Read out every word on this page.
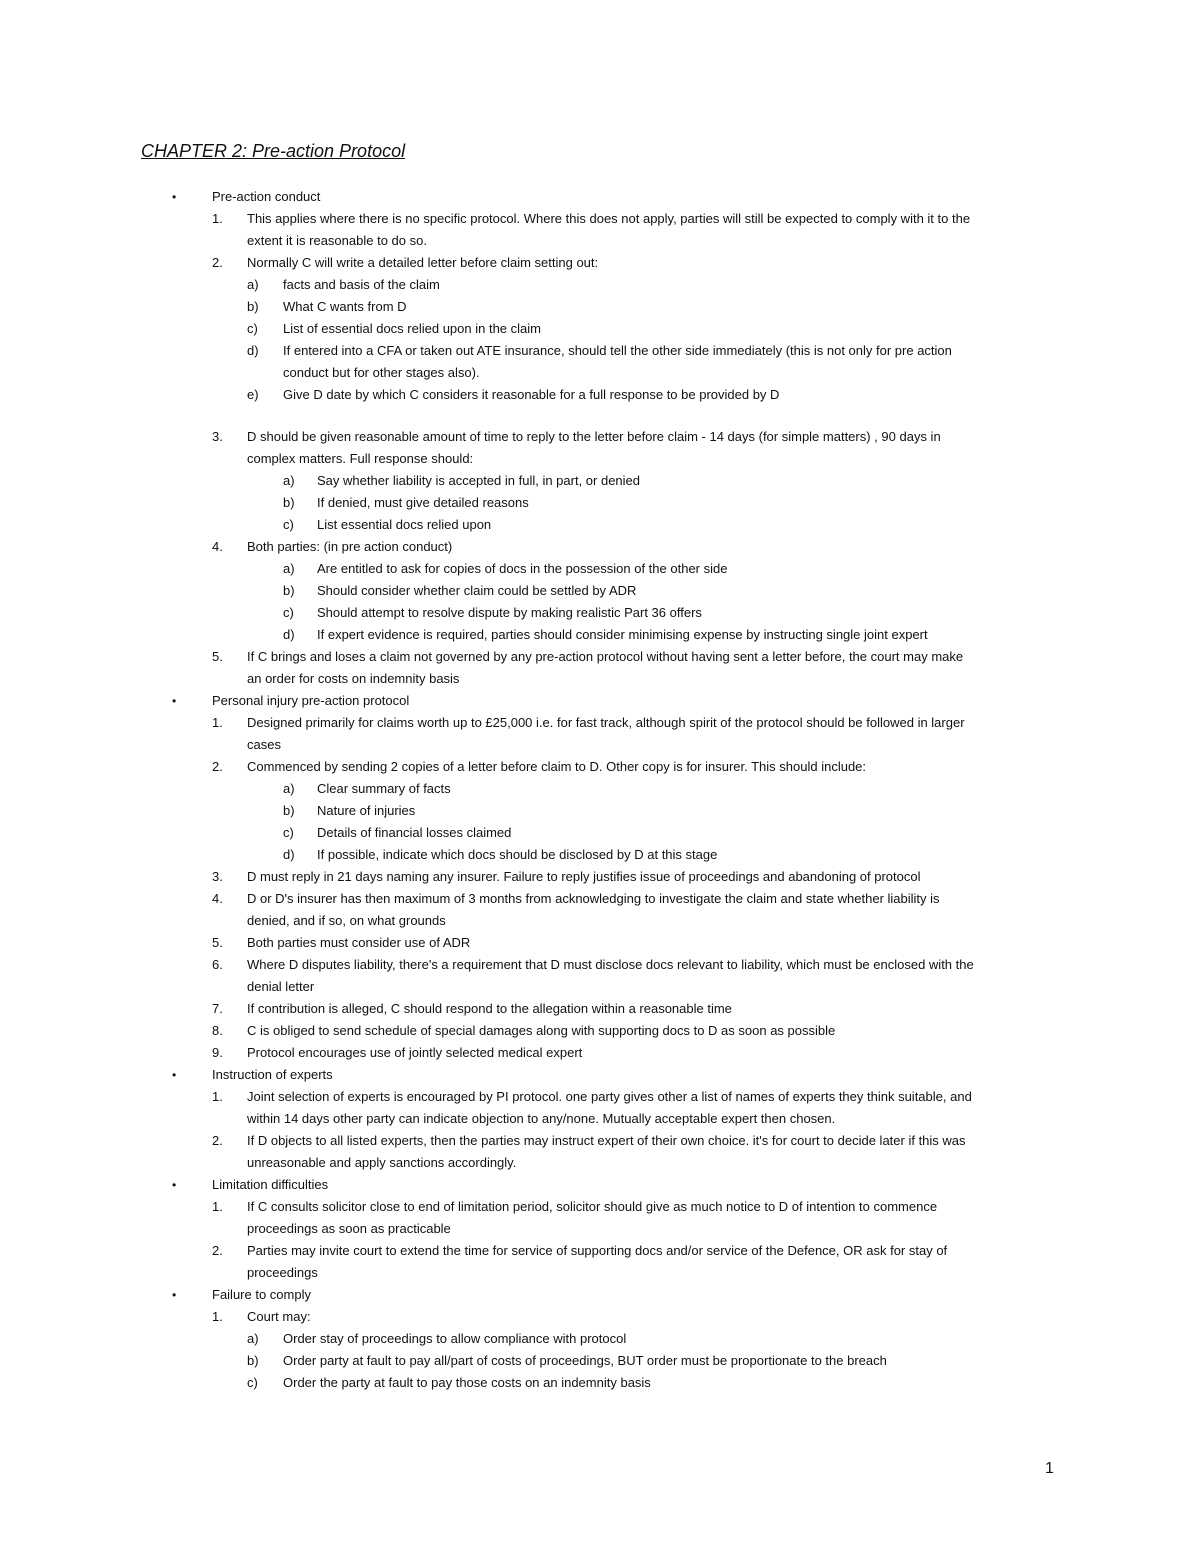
CHAPTER 2: Pre-action Protocol
•	Pre-action conduct
1. This applies where there is no specific protocol. Where this does not apply, parties will still be expected to comply with it to the
extent it is reasonable to do so.
2. Normally C will write a detailed letter before claim setting out:
a) facts and basis of the claim
b) What C wants from D
c) List of essential docs relied upon in the claim
d) If entered into a CFA or taken out ATE insurance, should tell the other side immediately (this is not only for pre action
conduct but for other stages also).
e) Give D date by which C considers it reasonable for a full response to be provided by D
3. D should be given reasonable amount of time to reply to the letter before claim - 14 days (for simple matters) , 90 days in
complex matters. Full response should:
a) Say whether liability is accepted in full, in part, or denied
b) If denied, must give detailed reasons
c) List essential docs relied upon
4. Both parties: (in pre action conduct)
a) Are entitled to ask for copies of docs in the possession of the other side
b) Should consider whether claim could be settled by ADR
c) Should attempt to resolve dispute by making realistic Part 36 offers
d) If expert evidence is required, parties should consider minimising expense by instructing single joint expert
5. If C brings and loses a claim not governed by any pre-action protocol without having sent a letter before, the court may make
an order for costs on indemnity basis
•	Personal injury pre-action protocol
1. Designed primarily for claims worth up to £25,000 i.e. for fast track, although spirit of the protocol should be followed in larger
cases
2. Commenced by sending 2 copies of a letter before claim to D. Other copy is for insurer. This should include:
a) Clear summary of facts
b) Nature of injuries
c) Details of financial losses claimed
d) If possible, indicate which docs should be disclosed by D at this stage
3. D must reply in 21 days naming any insurer. Failure to reply justifies issue of proceedings and abandoning of protocol
4. D or D's insurer has then maximum of 3 months from acknowledging to investigate the claim and state whether liability is
denied, and if so, on what grounds
5. Both parties must consider use of ADR
6. Where D disputes liability, there's a requirement that D must disclose docs relevant to liability, which must be enclosed with the
denial letter
7. If contribution is alleged, C should respond to the allegation within a reasonable time
8. C is obliged to send schedule of special damages along with supporting docs to D as soon as possible
9. Protocol encourages use of jointly selected medical expert
•	Instruction of experts
1. Joint selection of experts is encouraged by PI protocol. one party gives other a list of names of experts they think suitable, and
within 14 days other party can indicate objection to any/none. Mutually acceptable expert then chosen.
2. If D objects to all listed experts, then the parties may instruct expert of their own choice. it's for court to decide later if this was
unreasonable and apply sanctions accordingly.
•	Limitation difficulties
1. If C consults solicitor close to end of limitation period, solicitor should give as much notice to D of intention to commence
proceedings as soon as practicable
2. Parties may invite court to extend the time for service of supporting docs and/or service of the Defence, OR ask for stay of
proceedings
•	Failure to comply
1. Court may:
a) Order stay of proceedings to allow compliance with protocol
b) Order party at fault to pay all/part of costs of proceedings, BUT order must be proportionate to the breach
c) Order the party at fault to pay those costs on an indemnity basis
1
